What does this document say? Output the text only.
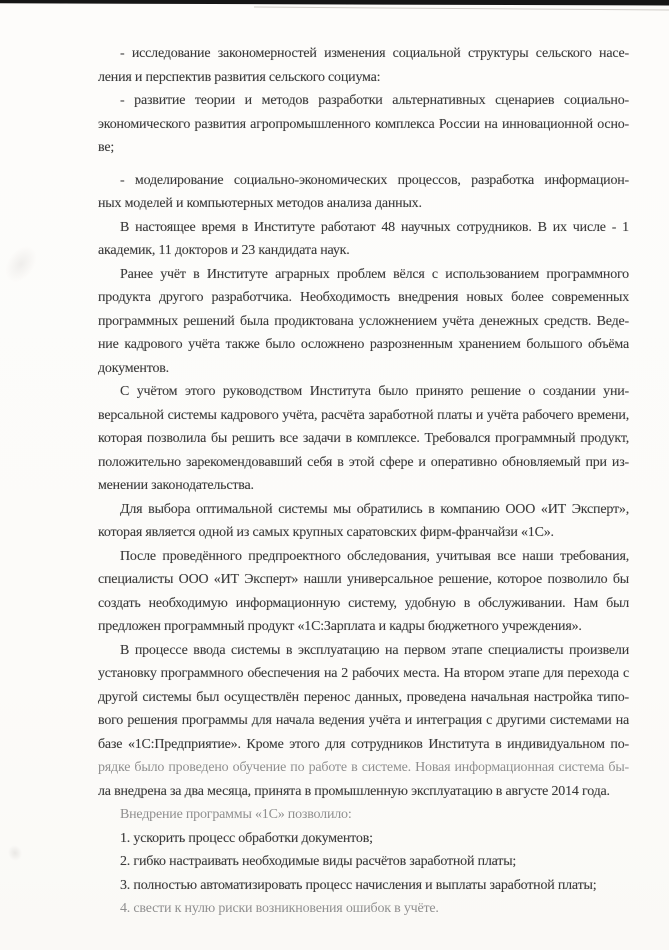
- исследование закономерностей изменения социальной структуры сельского насе-
ления и перспектив развития сельского социума:
- развитие теории и методов разработки альтернативных сценариев социально-
экономического развития агропромышленного комплекса России на инновационной осно-
ве;
- моделирование социально-экономических процессов, разработка информацион-
ных моделей и компьютерных методов анализа данных.
В настоящее время в Институте работают 48 научных сотрудников. В их числе - 1
академик, 11 докторов и 23 кандидата наук.
Ранее учёт в Институте аграрных проблем вёлся с использованием программного
продукта другого разработчика. Необходимость внедрения новых более современных
программных решений была продиктована усложнением учёта денежных средств. Веде-
ние кадрового учёта также было осложнено разрозненным хранением большого объёма
документов.
С учётом этого руководством Института было принято решение о создании уни-
версальной системы кадрового учёта, расчёта заработной платы и учёта рабочего времени,
которая позволила бы решить все задачи в комплексе. Требовался программный продукт,
положительно зарекомендовавший себя в этой сфере и оперативно обновляемый при из-
менении законодательства.
Для выбора оптимальной системы мы обратились в компанию ООО «ИТ Эксперт»,
которая является одной из самых крупных саратовских фирм-франчайзи «1С».
После проведённого предпроектного обследования, учитывая все наши требования,
специалисты ООО «ИТ Эксперт» нашли универсальное решение, которое позволило бы
создать необходимую информационную систему, удобную в обслуживании. Нам был
предложен программный продукт «1С:Зарплата и кадры бюджетного учреждения».
В процессе ввода системы в эксплуатацию на первом этапе специалисты произвели
установку программного обеспечения на 2 рабочих места. На втором этапе для перехода с
другой системы был осуществлён перенос данных, проведена начальная настройка типо-
вого решения программы для начала ведения учёта и интеграция с другими системами на
базе «1С:Предприятие». Кроме этого для сотрудников Института в индивидуальном по-
рядке было проведено обучение по работе в системе. Новая информационная система бы-
ла внедрена за два месяца, принята в промышленную эксплуатацию в августе 2014 года.
Внедрение программы «1С» позволило:
1. ускорить процесс обработки документов;
2. гибко настраивать необходимые виды расчётов заработной платы;
3. полностью автоматизировать процесс начисления и выплаты заработной платы;
4. свести к нулю риски возникновения ошибок в учёте.
